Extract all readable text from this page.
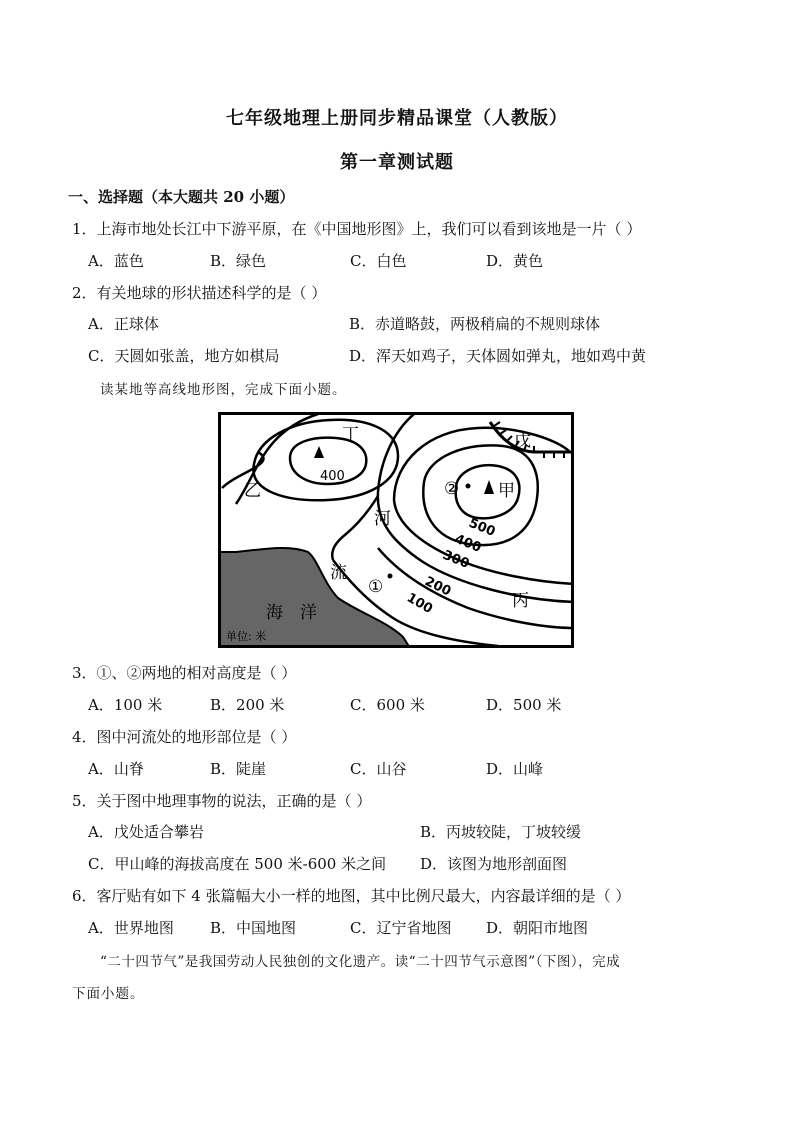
七年级地理上册同步精品课堂（人教版）
第一章测试题
一、选择题（本大题共 20 小题）
1．上海市地处长江中下游平原，在《中国地形图》上，我们可以看到该地是一片（ ）
A．蓝色	B．绿色	C．白色	D．黄色
2．有关地球的形状描述科学的是（ ）
A．正球体	B．赤道略鼓，两极稍扁的不规则球体
C．天圆如张盖，地方如棋局	D．浑天如鸡子，天体圆如弹丸，地如鸡中黄
读某地等高线地形图，完成下面小题。
丁	戊
乙	甲
丙
河
流
海　洋
单位: 米
①
②
400
500
400
300
200
100
3．①、②两地的相对高度是（ ）
A．100 米	B．200 米	C．600 米	D．500 米
4．图中河流处的地形部位是（ ）
A．山脊	B．陡崖	C．山谷	D．山峰
5．关于图中地理事物的说法，正确的是（ ）
A．戊处适合攀岩	B．丙坡较陡，丁坡较缓
C．甲山峰的海拔高度在 500 米-600 米之间 D．该图为地形剖面图
6．客厅贴有如下 4 张篇幅大小一样的地图，其中比例尺最大，内容最详细的是（ ）
A．世界地图 B．中国地图	C．辽宁省地图 D．朝阳市地图
“二十四节气”是我国劳动人民独创的文化遗产。读“二十四节气示意图”（下图），完成
下面小题。
